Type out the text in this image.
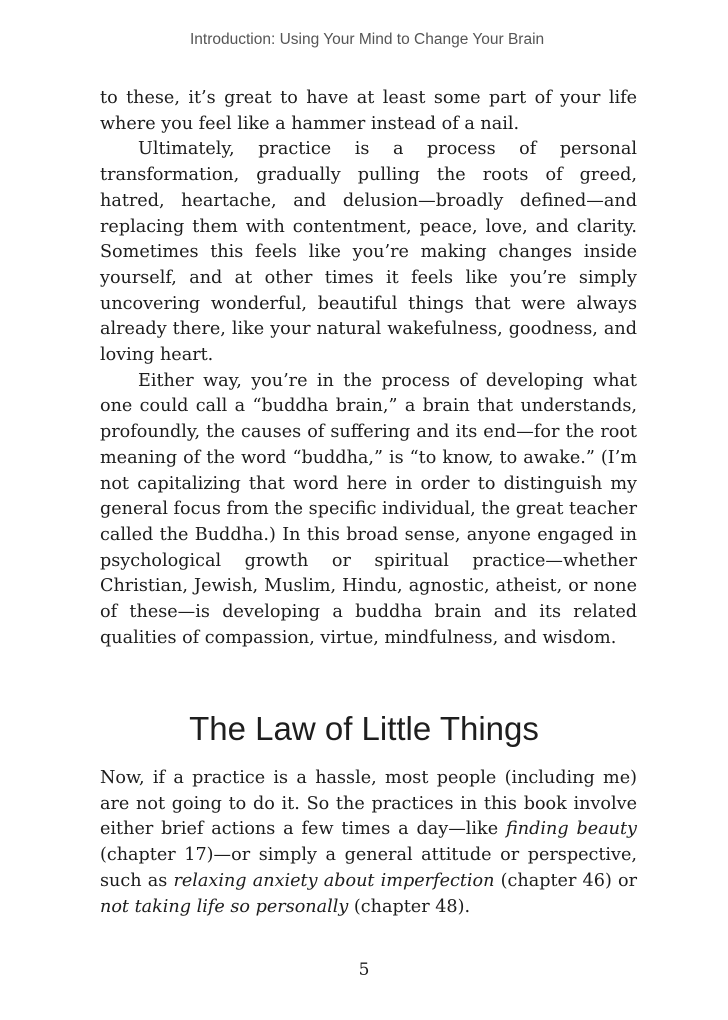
Introduction: Using Your Mind to Change Your Brain

to these, it’s great to have at least some part of your life where you feel like a hammer instead of a nail.

Ultimately, practice is a process of personal transformation, gradually pulling the roots of greed, hatred, heartache, and delusion—broadly defined—and replacing them with contentment, peace, love, and clarity. Sometimes this feels like you’re making changes inside yourself, and at other times it feels like you’re simply uncovering wonderful, beautiful things that were always already there, like your natural wakefulness, goodness, and loving heart.

Either way, you’re in the process of developing what one could call a “buddha brain,” a brain that understands, profoundly, the causes of suffering and its end—for the root meaning of the word “buddha,” is “to know, to awake.” (I’m not capitalizing that word here in order to distinguish my general focus from the specific individual, the great teacher called the Buddha.) In this broad sense, anyone engaged in psychological growth or spiritual practice—whether Christian, Jewish, Muslim, Hindu, agnostic, atheist, or none of these—is developing a buddha brain and its related qualities of compassion, virtue, mindfulness, and wisdom.

The Law of Little Things

Now, if a practice is a hassle, most people (including me) are not going to do it. So the practices in this book involve either brief actions a few times a day—like finding beauty (chapter 17)—or simply a general attitude or perspective, such as relaxing anxiety about imperfection (chapter 46) or not taking life so personally (chapter 48).

5
